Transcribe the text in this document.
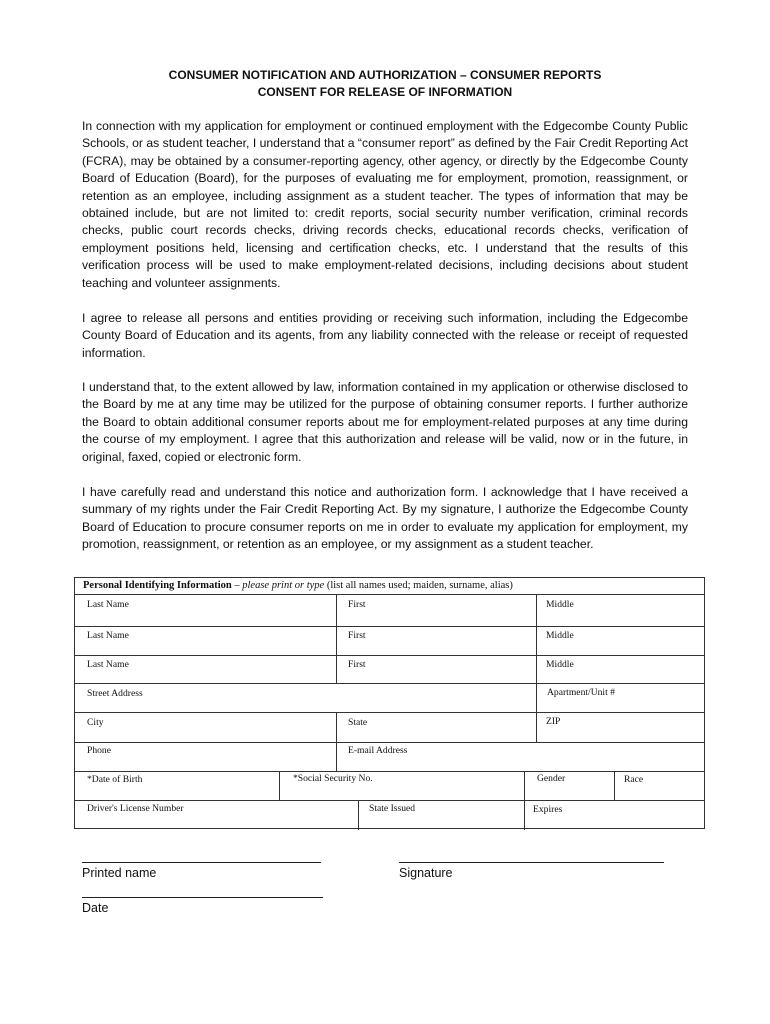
CONSUMER NOTIFICATION AND AUTHORIZATION – CONSUMER REPORTS
CONSENT FOR RELEASE OF INFORMATION
In connection with my application for employment or continued employment with the Edgecombe County Public Schools, or as student teacher, I understand that a “consumer report” as defined by the Fair Credit Reporting Act (FCRA), may be obtained by a consumer-reporting agency, other agency, or directly by the Edgecombe County Board of Education (Board), for the purposes of evaluating me for employment, promotion, reassignment, or retention as an employee, including assignment as a student teacher. The types of information that may be obtained include, but are not limited to: credit reports, social security number verification, criminal records checks, public court records checks, driving records checks, educational records checks, verification of employment positions held, licensing and certification checks, etc. I understand that the results of this verification process will be used to make employment-related decisions, including decisions about student teaching and volunteer assignments.
I agree to release all persons and entities providing or receiving such information, including the Edgecombe County Board of Education and its agents, from any liability connected with the release or receipt of requested information.
I understand that, to the extent allowed by law, information contained in my application or otherwise disclosed to the Board by me at any time may be utilized for the purpose of obtaining consumer reports. I further authorize the Board to obtain additional consumer reports about me for employment-related purposes at any time during the course of my employment. I agree that this authorization and release will be valid, now or in the future, in original, faxed, copied or electronic form.
I have carefully read and understand this notice and authorization form. I acknowledge that I have received a summary of my rights under the Fair Credit Reporting Act. By my signature, I authorize the Edgecombe County Board of Education to procure consumer reports on me in order to evaluate my application for employment, my promotion, reassignment, or retention as an employee, or my assignment as a student teacher.
Personal Identifying Information – please print or type (list all names used; maiden, surname, alias)
Last Name	First	Middle
Last Name	First	Middle
Last Name	First	Middle
Street Address	Apartment/Unit #
City	State	ZIP
Phone	E-mail Address
*Date of Birth	*Social Security No.	Gender	Race
Driver's License Number	State Issued	Expires
Printed name	Signature
Date
